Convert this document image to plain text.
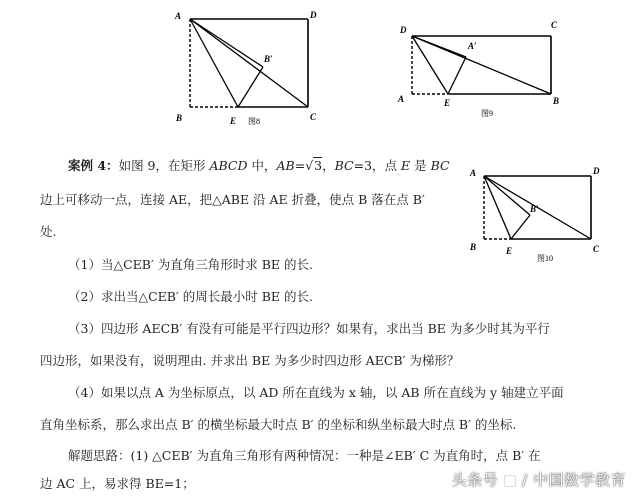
A	D
B	E	C
B′
图8
D	C
A	E	B
A′
图9
A	D
B	E	C
B′
图10
案例 4：如图 9，在矩形 ABCD 中，AB=√3，BC=3，点 E 是 BC
边上可移动一点，连接 AE，把△ABE 沿 AE 折叠，使点 B 落在点 B′
处.
（1）当△CEB′ 为直角三角形时求 BE 的长.
（2）求出当△CEB′ 的周长最小时 BE 的长.
（3）四边形 AECB′ 有没有可能是平行四边形？如果有，求出当 BE 为多少时其为平行
四边形，如果没有，说明理由. 并求出 BE 为多少时四边形 AECB′ 为梯形？
（4）如果以点 A 为坐标原点，以 AD 所在直线为 x 轴，以 AB 所在直线为 y 轴建立平面
直角坐标系，那么求出点 B′ 的横坐标最大时点 B′ 的坐标和纵坐标最大时点 B′ 的坐标.
解题思路：(1) △CEB′ 为直角三角形有两种情况：一种是∠EB′ C 为直角时，点 B′ 在
边 AC 上，易求得 BE=1；	头条号 / 中国数学教育
